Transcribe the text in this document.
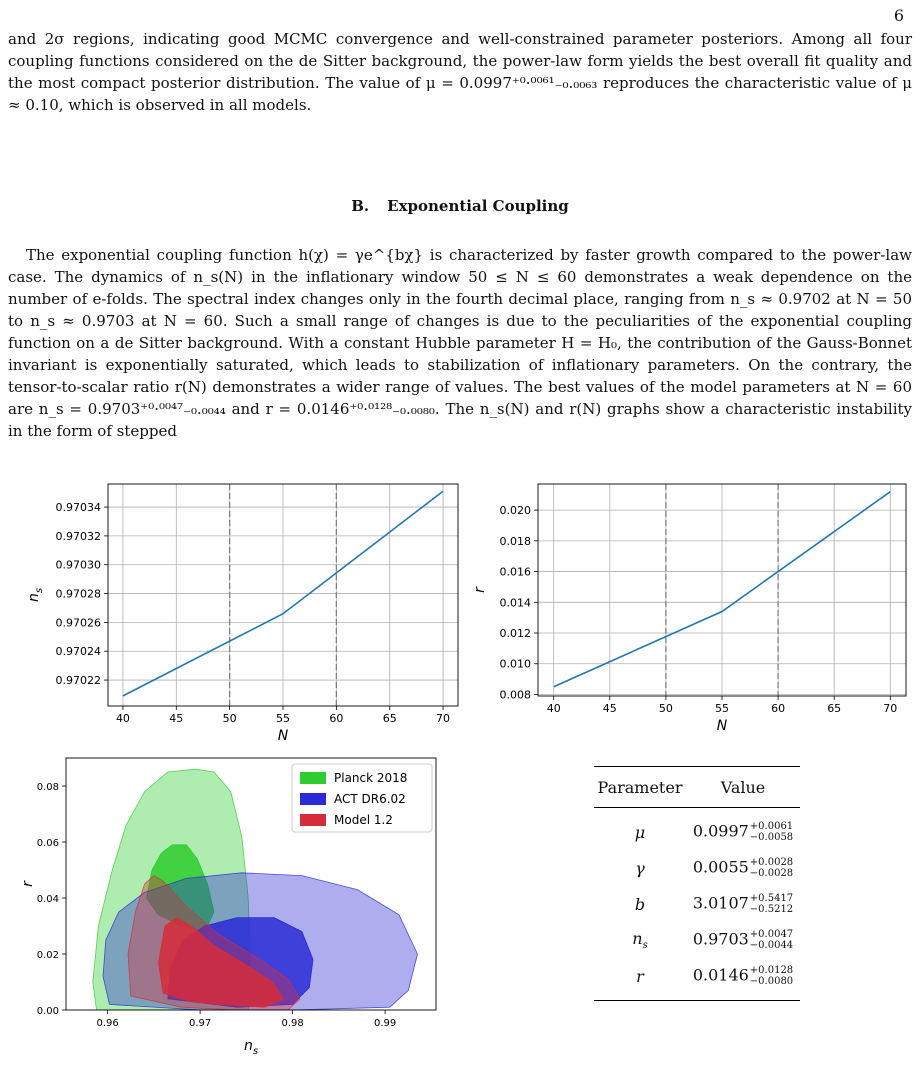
6

and 2σ regions, indicating good MCMC convergence and well-constrained parameter posteriors. Among all four coupling functions considered on the de Sitter background, the power-law form yields the best overall fit quality and the most compact posterior distribution. The value of μ = 0.0997⁺⁰·⁰⁰⁶¹₋₀.₀₀₆₃ reproduces the characteristic value of μ ≈ 0.10, which is observed in all models.

B. Exponential Coupling

The exponential coupling function h(χ) = γe^{bχ} is characterized by faster growth compared to the power-law case. The dynamics of n_s(N) in the inflationary window 50 ≤ N ≤ 60 demonstrates a weak dependence on the number of e-folds. The spectral index changes only in the fourth decimal place, ranging from n_s ≈ 0.9702 at N = 50 to n_s ≈ 0.9703 at N = 60. Such a small range of changes is due to the peculiarities of the exponential coupling function on a de Sitter background. With a constant Hubble parameter H = H₀, the contribution of the Gauss-Bonnet invariant is exponentially saturated, which leads to stabilization of inflationary parameters. On the contrary, the tensor-to-scalar ratio r(N) demonstrates a wider range of values. The best values of the model parameters at N = 60 are n_s = 0.9703⁺⁰·⁰⁰⁴⁷₋₀.₀₀₄₄ and r = 0.0146⁺⁰·⁰¹²⁸₋₀.₀₀₈₀. The n_s(N) and r(N) graphs show a characteristic instability in the form of stepped

40	45	50	55	60	65	70
0.97022
0.97024
0.97026
0.97028
0.97030
0.97032
0.97034
N
$n_s$
40	45	50	55	60	65	70
0.008
0.010
0.012
0.014
0.016
0.018
0.020
N
r
0.96	0.97	0.98	0.99
0.00
0.02
0.04
0.06
0.08
$n_s$
r
Planck 2018
ACT DR6.02
Model 1.2
Parameter	Value
μ	0.0997 +0.0061
−0.0058
γ	0.0055 +0.0028
−0.0028
b	3.0107 +0.5417
−0.5212
$n_s$	0.9703 +0.0047
−0.0044
r	0.0146 +0.0128
−0.0080
